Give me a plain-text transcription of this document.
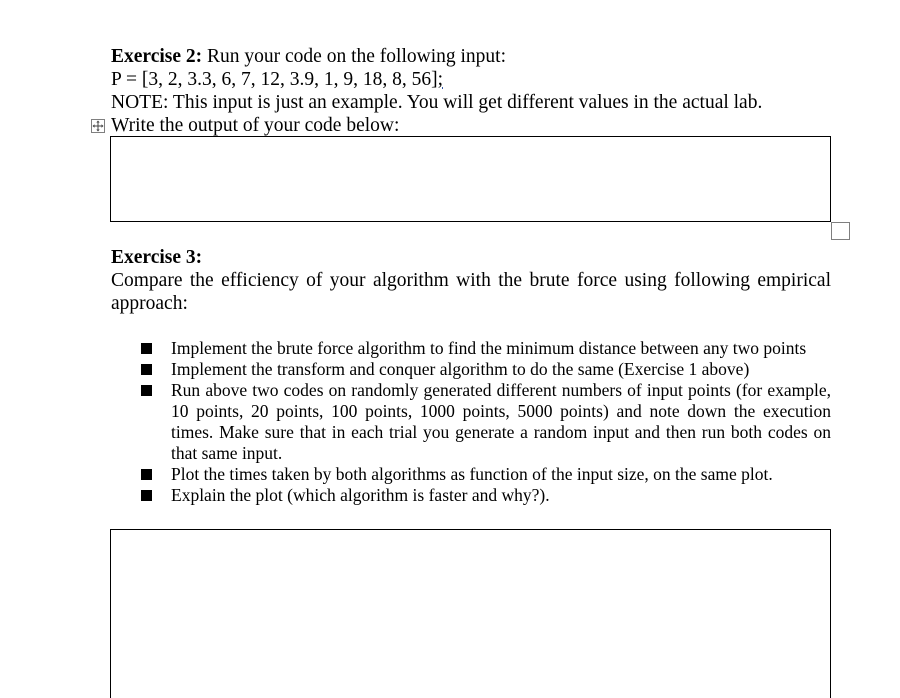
Exercise 2: Run your code on the following input:
P = [3, 2, 3.3, 6, 7, 12, 3.9, 1, 9, 18, 8, 56];
NOTE: This input is just an example. You will get different values in the actual lab.
Write the output of your code below:
Exercise 3:
Compare the efficiency of your algorithm with the brute force using following empirical approach:
Implement the brute force algorithm to find the minimum distance between any two points
Implement the transform and conquer algorithm to do the same (Exercise 1 above)
Run above two codes on randomly generated different numbers of input points (for example, 10 points, 20 points, 100 points, 1000 points, 5000 points) and note down the execution times. Make sure that in each trial you generate a random input and then run both codes on that same input.
Plot the times taken by both algorithms as function of the input size, on the same plot.
Explain the plot (which algorithm is faster and why?).
